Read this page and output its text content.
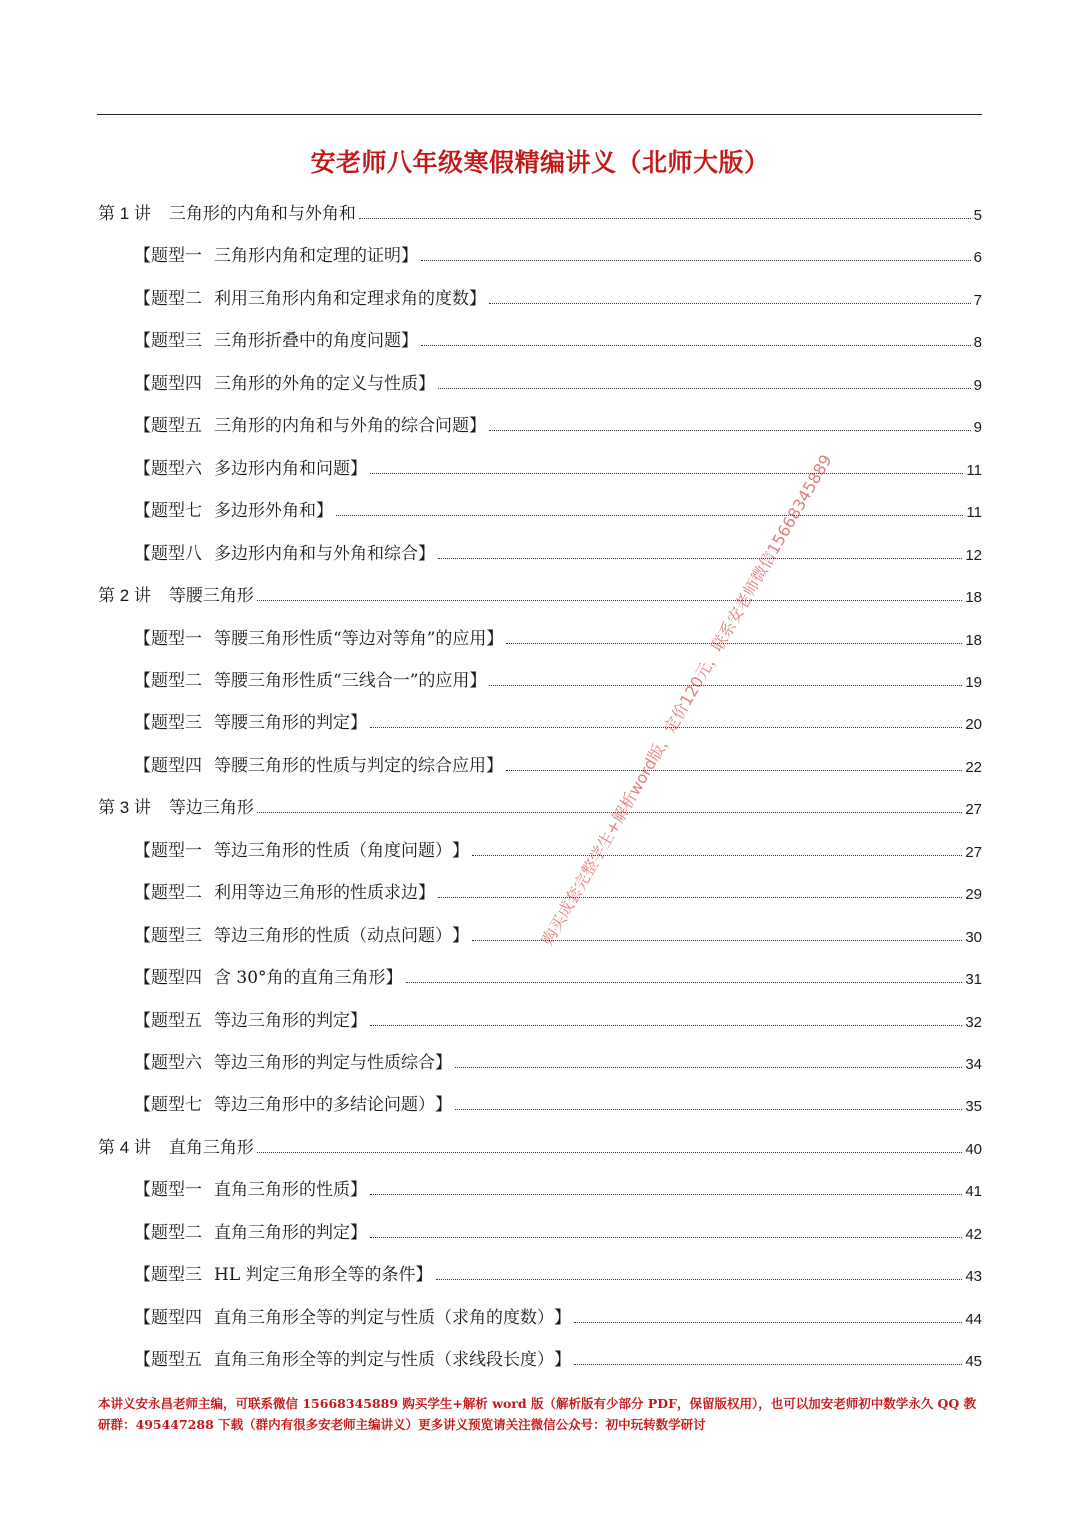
安老师八年级寒假精编讲义（北师大版）
第 1 讲 三角形的内角和与外角和	5
【 题型一 三角形内角和定理的证明 】	6
【 题型二 利用三角形内角和定理求角的度数 】	7
【 题型三 三角形折叠中的角度问题 】	8
【 题型四 三角形的外角的定义与性质 】	9
【 题型五 三角形的内角和与外角的综合问题 】	9
【 题型六 多边形内角和问题 】	11
【 题型七 多边形外角和 】	11
【 题型八 多边形内角和与外角和综合 】	12
第 2 讲 等腰三角形	18
【 题型一 等腰三角形性质“等边对等角”的应用 】	18
【 题型二 等腰三角形性质“三线合一”的应用 】	19
【 题型三 等腰三角形的判定 】	20
【 题型四 等腰三角形的性质与判定的综合应用 】	22
第 3 讲 等边三角形	27
【 题型一 等边三角形的性质（角度问题） 】	27
【 题型二 利用等边三角形的性质求边 】	29
【 题型三 等边三角形的性质（动点问题） 】	30
【 题型四 含 30°角的直角三角形 】	31
【 题型五 等边三角形的判定 】	32
【 题型六 等边三角形的判定与性质综合 】	34
【 题型七 等边三角形中的多结论问题） 】	35
第 4 讲 直角三角形	40
【 题型一 直角三角形的性质 】	41
【 题型二 直角三角形的判定 】	42
【 题型三 HL 判定三角形全等的条件 】	43
【 题型四 直角三角形全等的判定与性质（求角的度数） 】	44
【 题型五 直角三角形全等的判定与性质（求线段长度） 】	45
购买成套完整学生+解析word版，定价120元，联系安老师微信15668345889
本讲义安永昌老师主编，可联系微信 15668345889 购买学生+解析 word 版（解析版有少部分 PDF，保留版权用），也可以加安老师初中数学永久 QQ 教研群：495447288 下载（群内有很多安老师主编讲义）更多讲义预览请关注微信公众号：初中玩转数学研讨
